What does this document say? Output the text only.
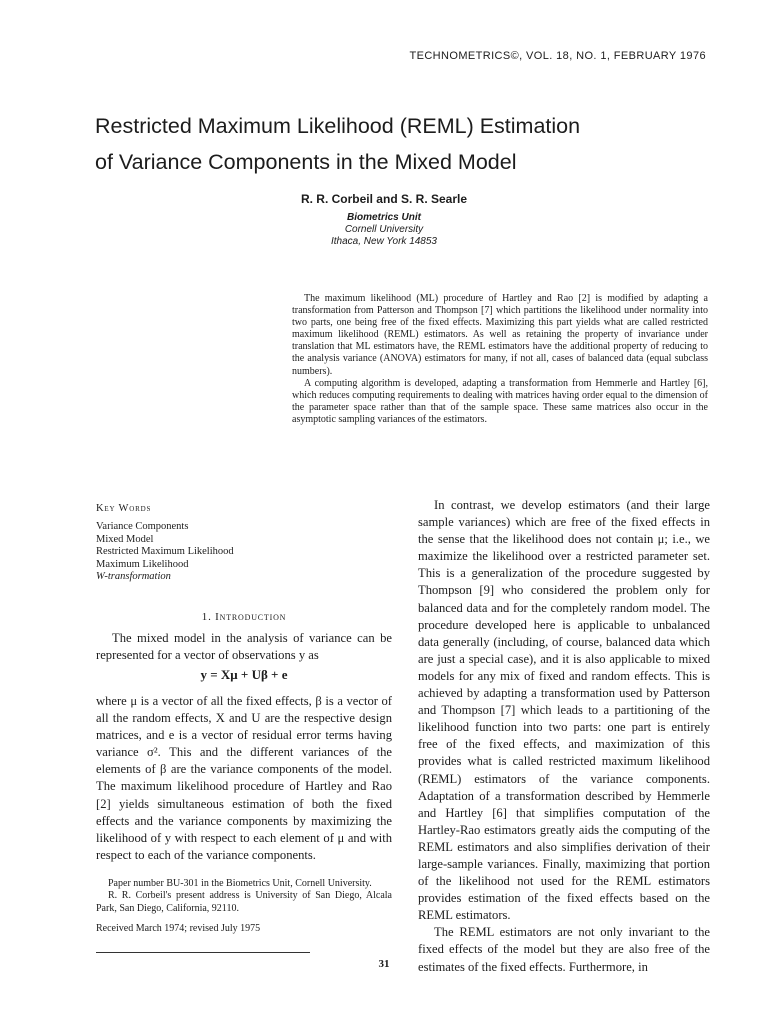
TECHNOMETRICS©, VOL. 18, NO. 1, FEBRUARY 1976
Restricted Maximum Likelihood (REML) Estimation
of Variance Components in the Mixed Model
R. R. Corbeil and S. R. Searle
Biometrics Unit
Cornell University
Ithaca, New York 14853

The maximum likelihood (ML) procedure of Hartley and Rao [2] is modified by adapting a transformation from Patterson and Thompson [7] which partitions the likelihood under normality into two parts, one being free of the fixed effects. Maximizing this part yields what are called restricted maximum likelihood (REML) estimators. As well as retaining the property of invariance under translation that ML estimators have, the REML estimators have the additional property of reducing to the analysis variance (ANOVA) estimators for many, if not all, cases of balanced data (equal subclass numbers).

A computing algorithm is developed, adapting a transformation from Hemmerle and Hartley [6], which reduces computing requirements to dealing with matrices having order equal to the dimension of the parameter space rather than that of the sample space. These same matrices also occur in the asymptotic sampling variances of the estimators.

Key Words
Variance Components
Mixed Model
Restricted Maximum Likelihood
Maximum Likelihood
W-transformation
1. Introduction

The mixed model in the analysis of variance can be represented for a vector of observations y as

y = Xμ + Uβ + e

where μ is a vector of all the fixed effects, β is a vector of all the random effects, X and U are the respective design matrices, and e is a vector of residual error terms having variance σ². This and the different variances of the elements of β are the variance components of the model. The maximum likelihood procedure of Hartley and Rao [2] yields simultaneous estimation of both the fixed effects and the variance components by maximizing the likelihood of y with respect to each element of μ and with respect to each of the variance components.

Paper number BU-301 in the Biometrics Unit, Cornell University.

R. R. Corbeil's present address is University of San Diego, Alcala Park, San Diego, California, 92110.

Received March 1974; revised July 1975

In contrast, we develop estimators (and their large sample variances) which are free of the fixed effects in the sense that the likelihood does not contain μ; i.e., we maximize the likelihood over a restricted parameter set. This is a generalization of the procedure suggested by Thompson [9] who considered the problem only for balanced data and for the completely random model. The procedure developed here is applicable to unbalanced data generally (including, of course, balanced data which are just a special case), and it is also applicable to mixed models for any mix of fixed and random effects. This is achieved by adapting a transformation used by Patterson and Thompson [7] which leads to a partitioning of the likelihood function into two parts: one part is entirely free of the fixed effects, and maximization of this provides what is called restricted maximum likelihood (REML) estimators of the variance components. Adaptation of a transformation described by Hemmerle and Hartley [6] that simplifies computation of the Hartley-Rao estimators greatly aids the computing of the REML estimators and also simplifies derivation of their large-sample variances. Finally, maximizing that portion of the likelihood not used for the REML estimators provides estimation of the fixed effects based on the REML estimators.

The REML estimators are not only invariant to the fixed effects of the model but they are also free of the estimates of the fixed effects. Furthermore, in

31
